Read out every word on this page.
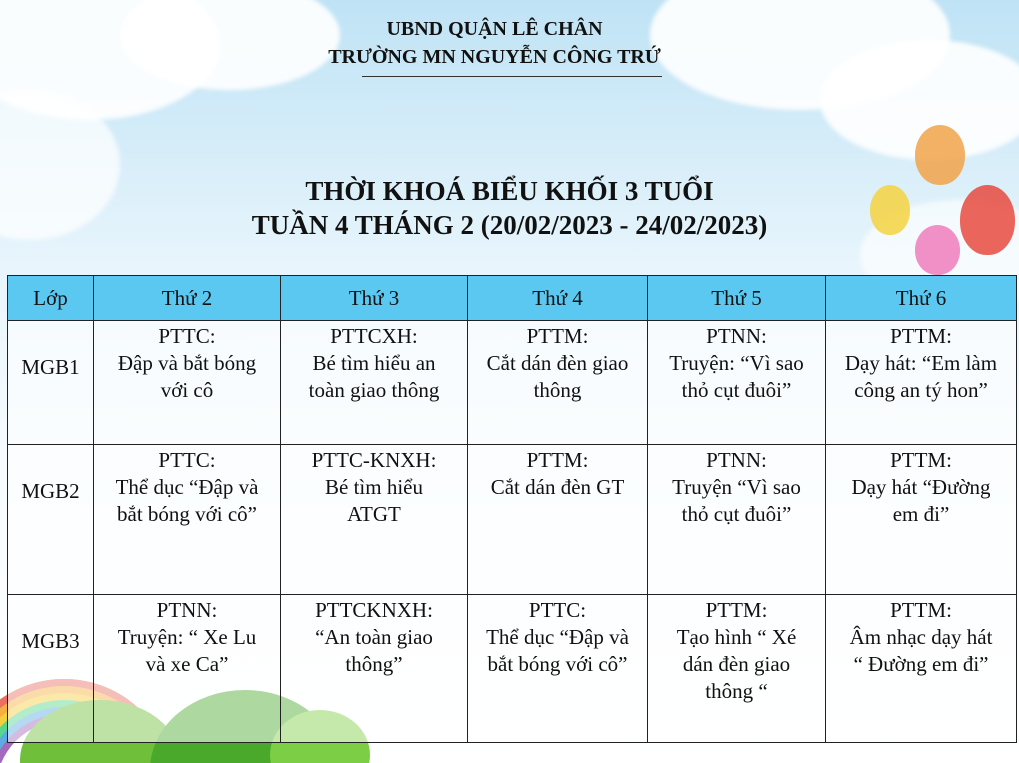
UBND QUẬN LÊ CHÂN
TRƯỜNG MN NGUYỄN CÔNG TRỨ
THỜI KHOÁ BIỂU KHỐI 3 TUỔI
TUẦN 4 THÁNG 2 (20/02/2023 - 24/02/2023)
Lớp	Thứ 2	Thứ 3	Thứ 4	Thứ 5	Thứ 6
MGB1	PTTC:
Đập và bắt bóng
với cô	PTTCXH:
Bé tìm hiểu an
toàn giao thông	PTTM:
Cắt dán đèn giao
thông	PTNN:
Truyện: “Vì sao
thỏ cụt đuôi”	PTTM:
Dạy hát: “Em làm
công an tý hon”

MGB2	PTTC:
Thể dục “Đập và
bắt bóng với cô”	PTTC-KNXH:
Bé tìm hiểu
ATGT	PTTM:
Cắt dán đèn GT	PTNN:
Truyện “Vì sao
thỏ cụt đuôi”	PTTM:
Dạy hát “Đường
em đi”

MGB3	PTNN:
Truyện: “ Xe Lu
và xe Ca”	PTTCKNXH:
“An toàn giao
thông”	PTTC:
Thể dục “Đập và
bắt bóng với cô”	PTTM:
Tạo hình “ Xé
dán đèn giao
thông “	PTTM:
Âm nhạc dạy hát
“ Đường em đi”
